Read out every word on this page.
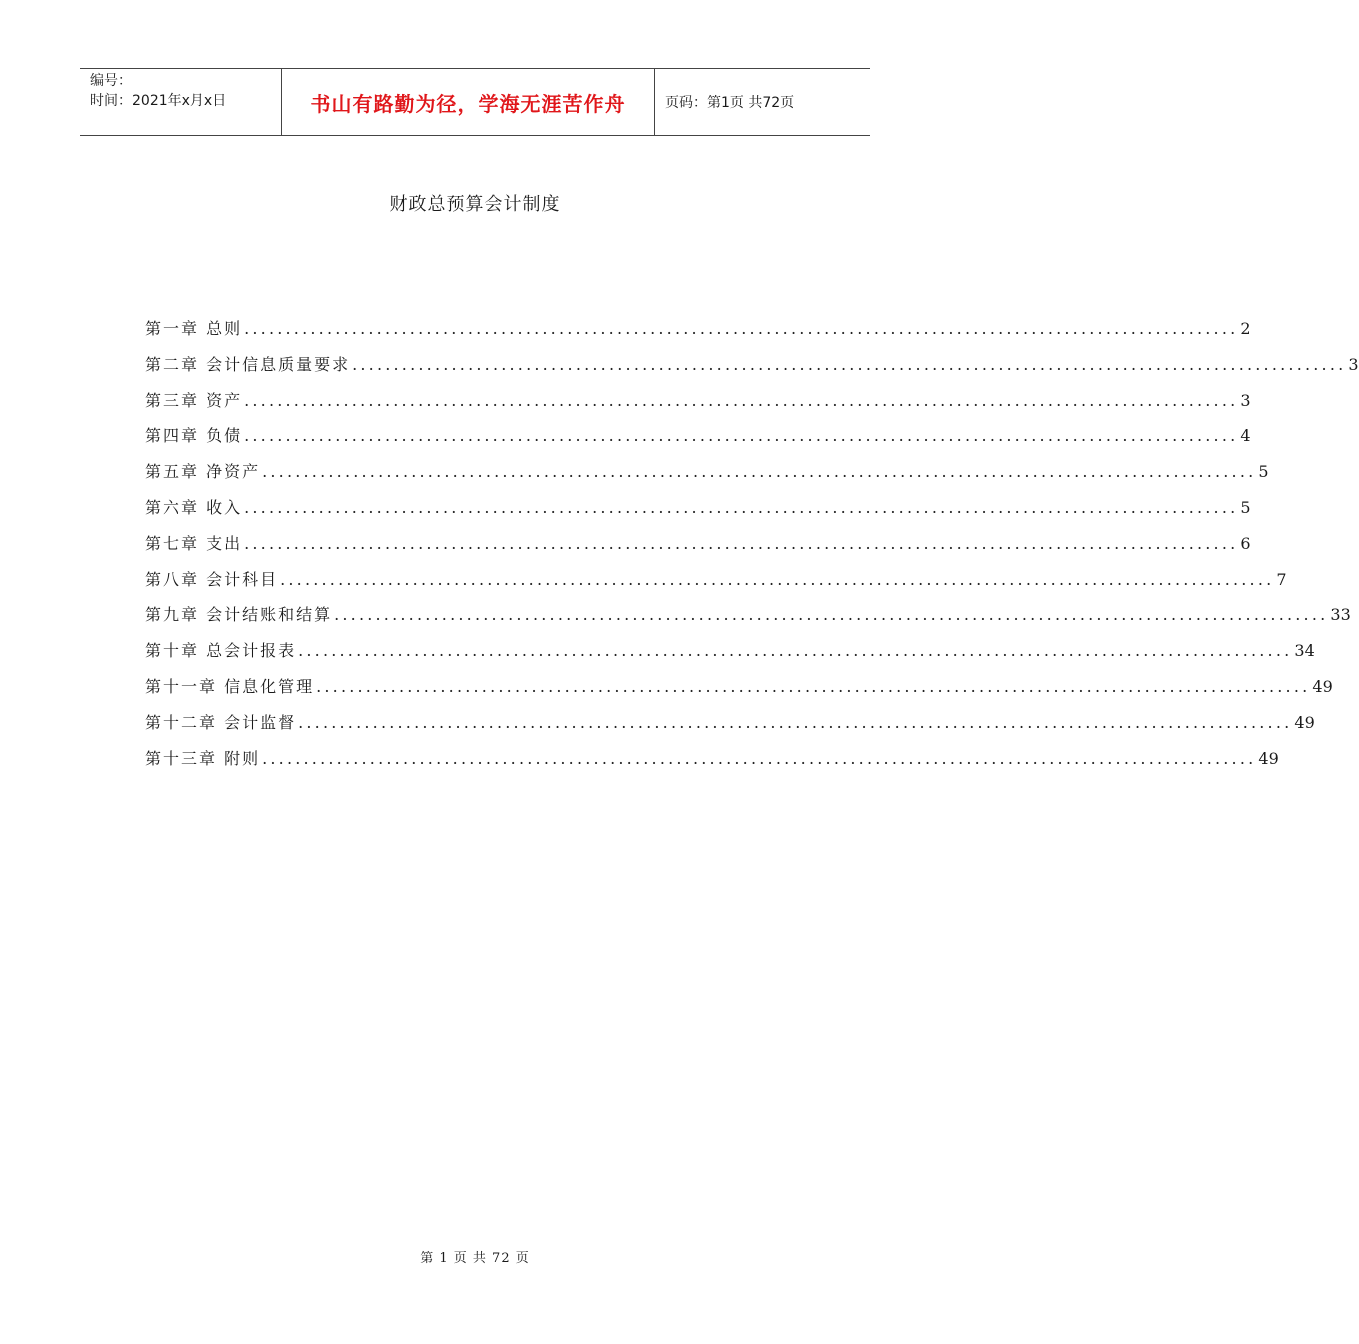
编号：
时间：2021年x月x日	书山有路勤为径，学海无涯苦作舟	页码：第1页 共72页
财政总预算会计制度
第一章 总则 ........................................................................................................................ 2
第二章 会计信息质量要求 ........................................................................................................................ 3
第三章 资产 ........................................................................................................................ 3
第四章 负债 ........................................................................................................................ 4
第五章 净资产 ........................................................................................................................ 5
第六章 收入 ........................................................................................................................ 5
第七章 支出 ........................................................................................................................ 6
第八章 会计科目 ........................................................................................................................ 7
第九章 会计结账和结算 ........................................................................................................................ 33
第十章 总会计报表 ........................................................................................................................ 34
第十一章 信息化管理 ........................................................................................................................ 49
第十二章 会计监督 ........................................................................................................................ 49
第十三章 附则 ........................................................................................................................ 49
第 1 页 共 72 页
